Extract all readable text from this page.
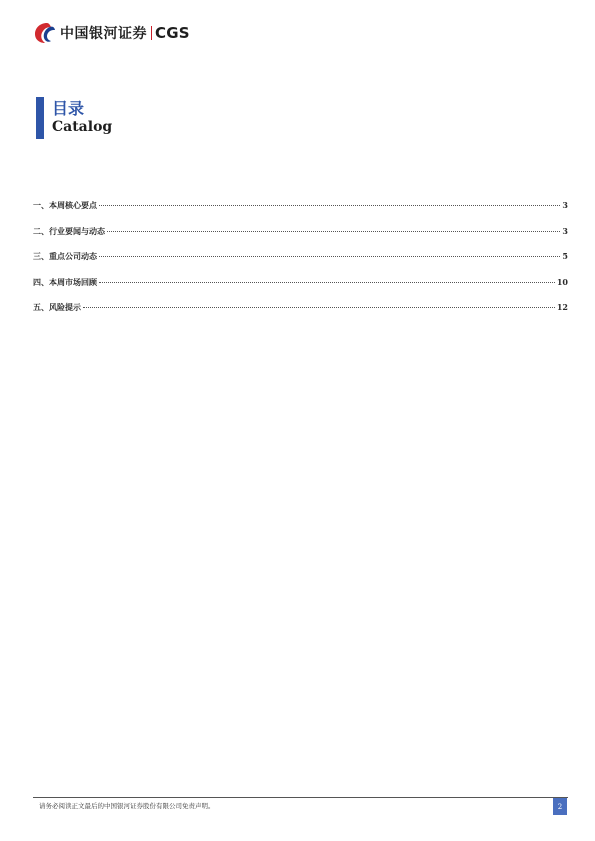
中国银河证券 CGS
目录
Catalog
一、本周核心要点	3
二、行业要闻与动态	3
三、重点公司动态	5
四、本周市场回顾	10
五、风险提示	12
请务必阅读正文最后的中国银河证券股份有限公司免责声明。	2
